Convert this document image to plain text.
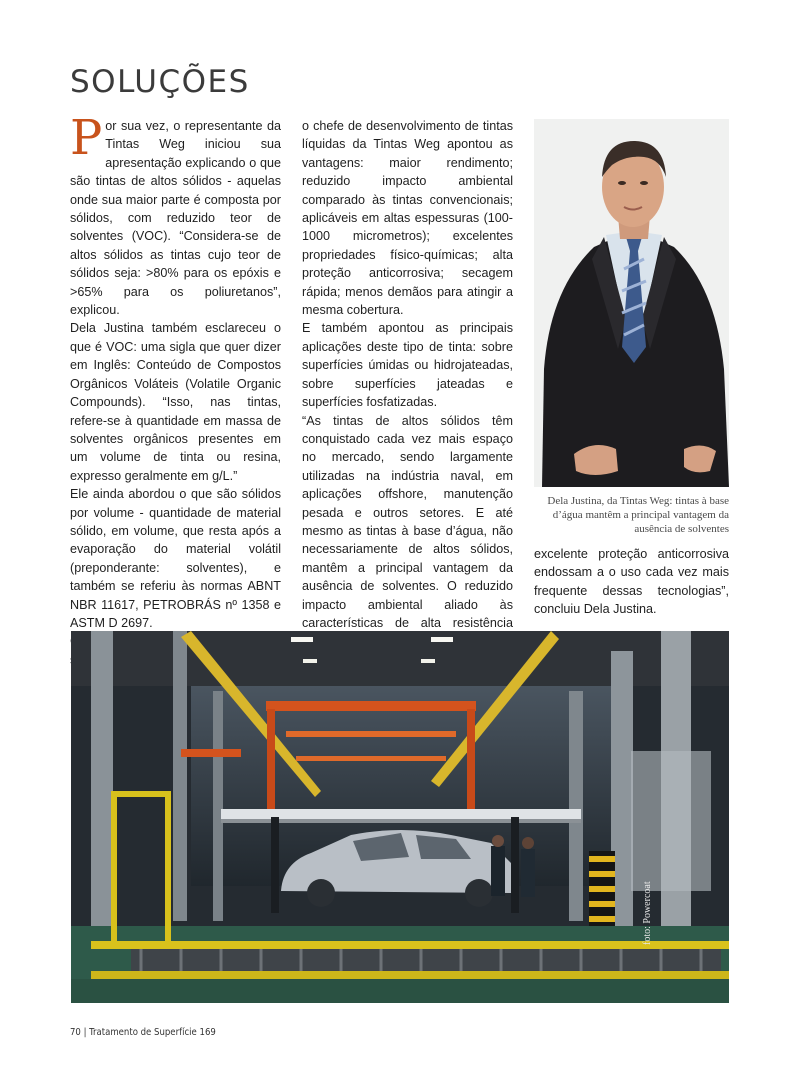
SOLUÇÕES

Por sua vez, o representante da Tintas Weg iniciou sua apresentação explicando o que são tintas de altos sólidos - aquelas onde sua maior parte é composta por sólidos, com reduzido teor de solventes (VOC). “Considera-se de altos sólidos as tintas cujo teor de sólidos seja: >80% para os epóxis e >65% para os poliuretanos”, explicou.

Dela Justina também esclareceu o que é VOC: uma sigla que quer dizer em Inglês: Conteúdo de Compostos Orgânicos Voláteis (Volatile Organic Compounds). “Isso, nas tintas, refere-se à quantidade em massa de solventes orgânicos presentes em um volume de tinta ou resina, expresso geralmente em g/L.”

Ele ainda abordou o que são sólidos por volume - quantidade de material sólido, em volume, que resta após a evaporação do material volátil (preponderante: solventes), e também se referiu às normas ABNT NBR 11617, PETROBRÁS nº 1358 e ASTM D 2697.

o chefe de desenvolvimento de tintas líquidas da Tintas Weg apontou as vantagens: maior rendimento; reduzido impacto ambiental comparado às tintas convencionais; aplicáveis em altas espessuras (100-1000 micrometros); excelentes propriedades físico-químicas; alta proteção anticorrosiva; secagem rápida; menos demãos para atingir a mesma cobertura.

E também apontou as principais aplicações deste tipo de tinta: sobre superfícies úmidas ou hidrojateadas, sobre superfícies jateadas e superfícies fosfatizadas.

“As tintas de altos sólidos têm conquistado cada vez mais espaço no mercado, sendo largamente utilizadas na indústria naval, em aplicações offshore, manutenção pesada e outros setores. E até mesmo as tintas à base d’água, não necessariamente de altos sólidos, mantêm a principal vantagem da ausência de solventes. O reduzido impacto ambiental aliado às características de alta resistência

Dela Justina, da Tintas Weg: tintas à base d’água mantêm a principal vantagem da ausência de solventes

excelente proteção anticorrosiva endossam a o uso cada vez mais frequente dessas tecnologias”, concluiu Dela Justina.

foto: Powercoat
70 | Tratamento de Superfície 169
